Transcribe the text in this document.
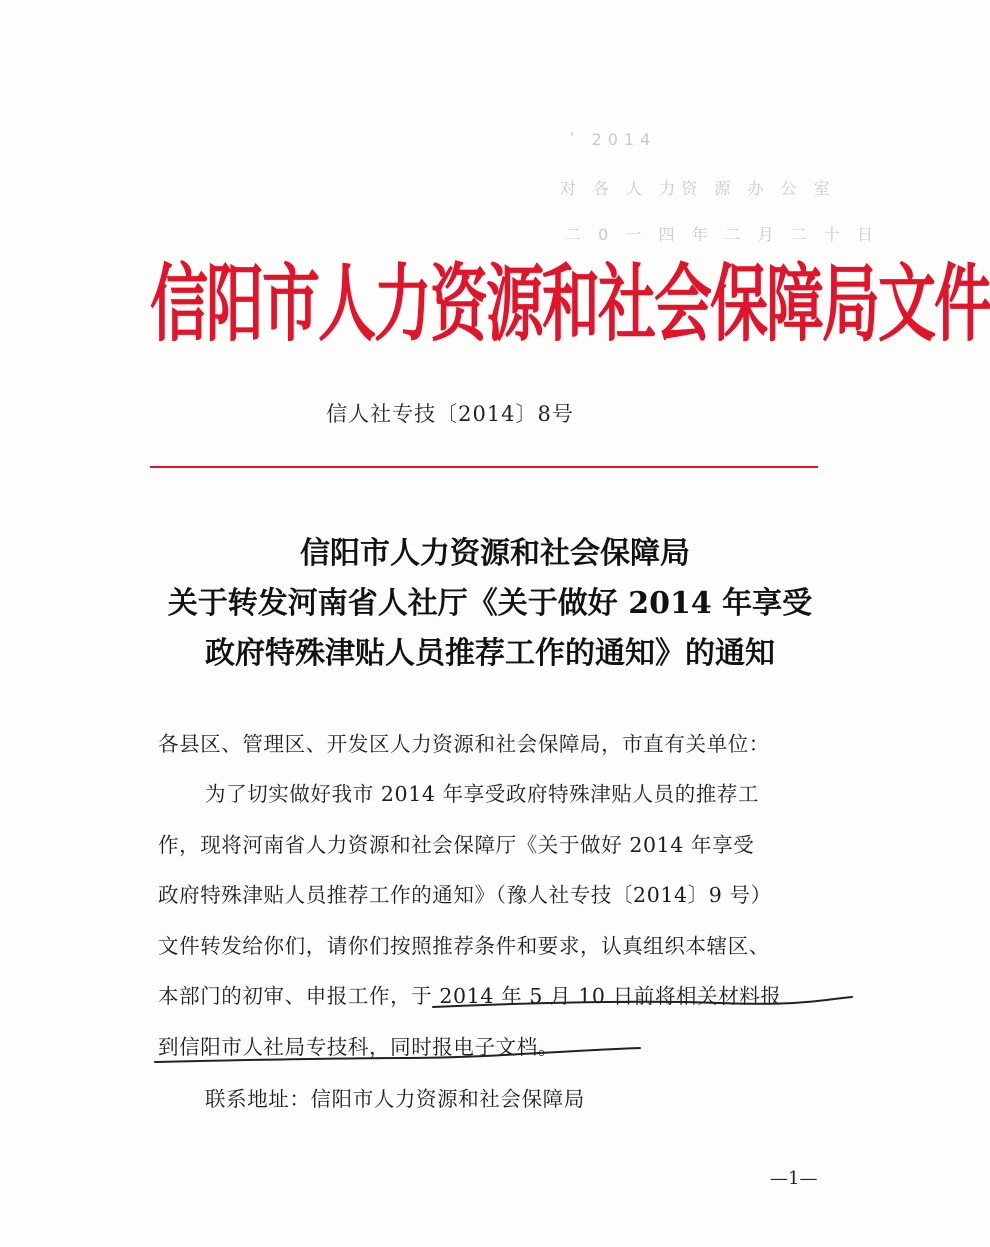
ʹ 2014
对 各 人 力资 源 办 公 室
二 0 一 四 年 二 月 二 十 日
信阳市人力资源和社会保障局文件
信人社专技〔2014〕8号
信阳市人力资源和社会保障局
关于转发河南省人社厅《关于做好 2014 年享受
政府特殊津贴人员推荐工作的通知》的通知
各县区、管理区、开发区人力资源和社会保障局，市直有关单位：
为了切实做好我市 2014 年享受政府特殊津贴人员的推荐工
作，现将河南省人力资源和社会保障厅《关于做好 2014 年享受
政府特殊津贴人员推荐工作的通知》（豫人社专技〔2014〕9 号）
文件转发给你们，请你们按照推荐条件和要求，认真组织本辖区、
本部门的初审、申报工作，于 2014 年 5 月 10 日前将相关材料报
到信阳市人社局专技科，同时报电子文档。
联系地址：信阳市人力资源和社会保障局
—1—
